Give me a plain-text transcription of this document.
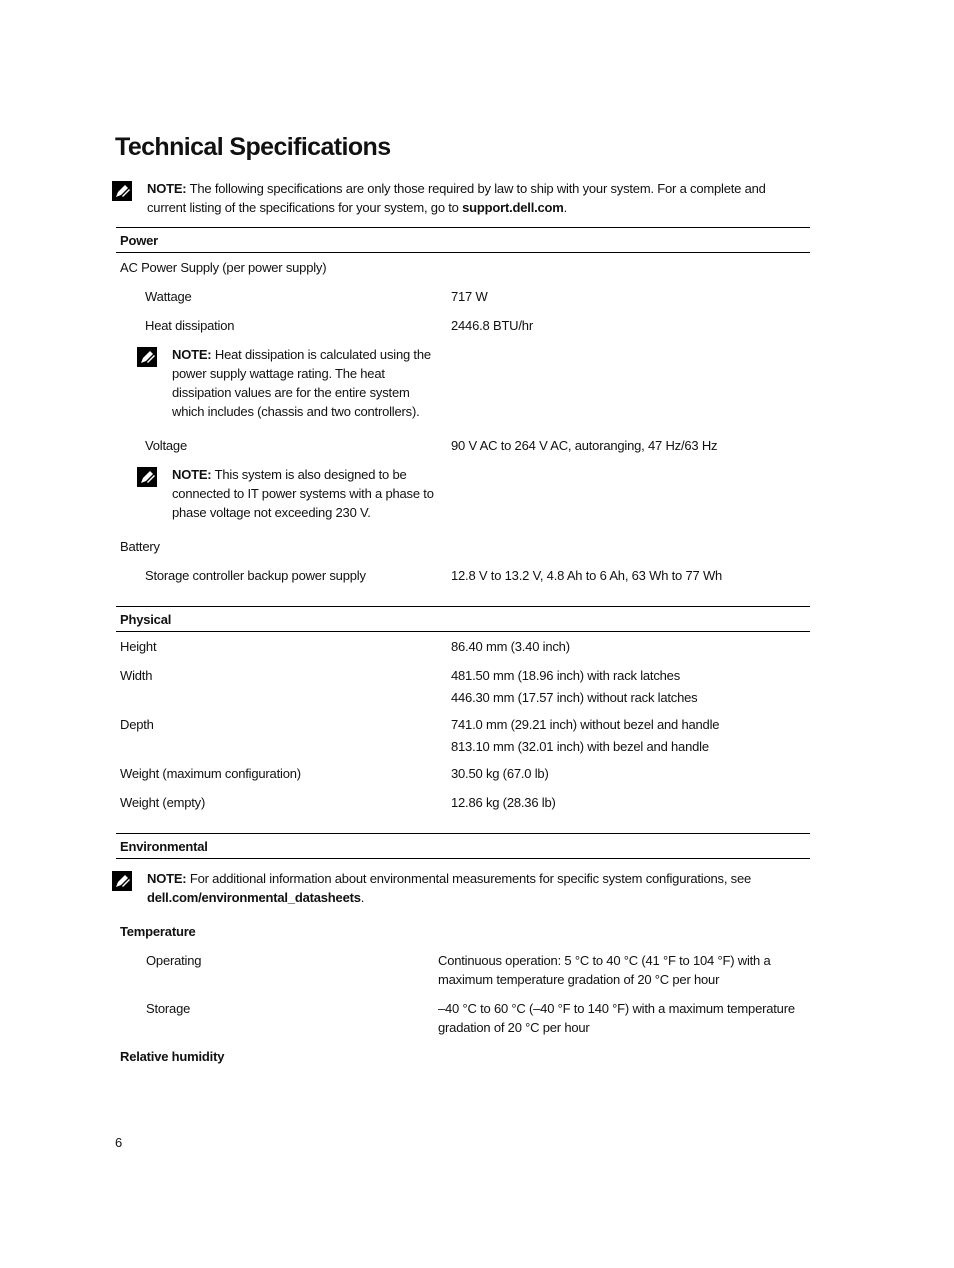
Technical Specifications
NOTE: The following specifications are only those required by law to ship with your system. For a complete and current listing of the specifications for your system, go to support.dell.com.
Power
AC Power Supply (per power supply)
Wattage	717 W
Heat dissipation	2446.8 BTU/hr
NOTE: Heat dissipation is calculated using the power supply wattage rating. The heat dissipation values are for the entire system which includes (chassis and two controllers).
Voltage	90 V AC to 264 V AC, autoranging, 47 Hz/63 Hz
NOTE: This system is also designed to be connected to IT power systems with a phase to phase voltage not exceeding 230 V.
Battery
Storage controller backup power supply	12.8 V to 13.2 V, 4.8 Ah to 6 Ah, 63 Wh to 77 Wh
Physical
Height	86.40 mm (3.40 inch)
Width	481.50 mm (18.96 inch) with rack latches
446.30 mm (17.57 inch) without rack latches
Depth	741.0 mm (29.21 inch) without bezel and handle
813.10 mm (32.01 inch) with bezel and handle
Weight (maximum configuration)	30.50 kg (67.0 lb)
Weight (empty)	12.86 kg (28.36 lb)
Environmental
NOTE: For additional information about environmental measurements for specific system configurations, see dell.com/environmental_datasheets.
Temperature
Operating	Continuous operation: 5 °C to 40 °C (41 °F to 104 °F) with a maximum temperature gradation of 20 °C per hour
Storage	–40 °C to 60 °C (–40 °F to 140 °F) with a maximum temperature gradation of 20 °C per hour
Relative humidity
6
